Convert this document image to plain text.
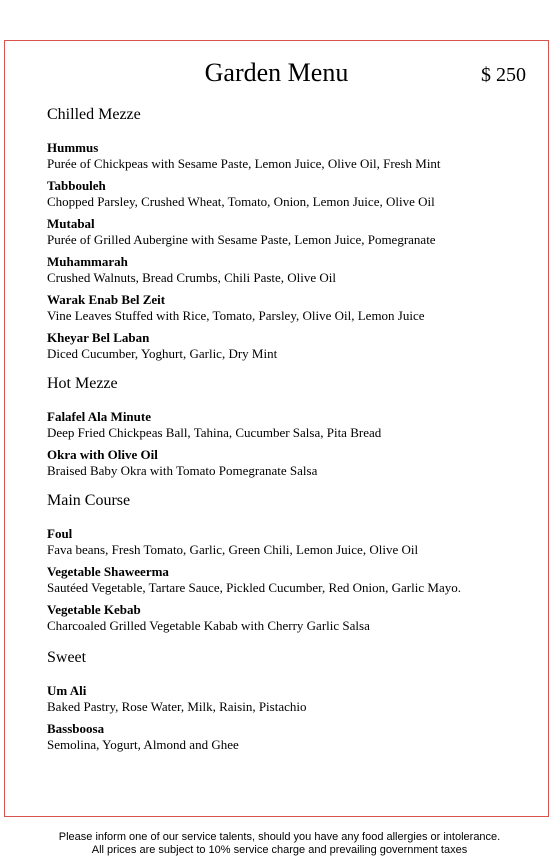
Garden Menu	$ 250
Chilled Mezze
Hummus
Purée of Chickpeas with Sesame Paste, Lemon Juice, Olive Oil, Fresh Mint
Tabbouleh
Chopped Parsley, Crushed Wheat, Tomato, Onion, Lemon Juice, Olive Oil
Mutabal
Purée of Grilled Aubergine with Sesame Paste, Lemon Juice, Pomegranate
Muhammarah
Crushed Walnuts, Bread Crumbs, Chili Paste, Olive Oil
Warak Enab Bel Zeit
Vine Leaves Stuffed with Rice, Tomato, Parsley, Olive Oil, Lemon Juice
Kheyar Bel Laban
Diced Cucumber, Yoghurt, Garlic, Dry Mint
Hot Mezze
Falafel Ala Minute
Deep Fried Chickpeas Ball, Tahina, Cucumber Salsa, Pita Bread
Okra with Olive Oil
Braised Baby Okra with Tomato Pomegranate Salsa
Main Course
Foul
Fava beans, Fresh Tomato, Garlic, Green Chili, Lemon Juice, Olive Oil
Vegetable Shaweerma
Sautéed Vegetable, Tartare Sauce, Pickled Cucumber, Red Onion, Garlic Mayo.
Vegetable Kebab
Charcoaled Grilled Vegetable Kabab with Cherry Garlic Salsa
Sweet
Um Ali
Baked Pastry, Rose Water, Milk, Raisin, Pistachio
Bassboosa
Semolina, Yogurt, Almond and Ghee
Please inform one of our service talents, should you have any food allergies or intolerance.
All prices are subject to 10% service charge and prevailing government taxes
